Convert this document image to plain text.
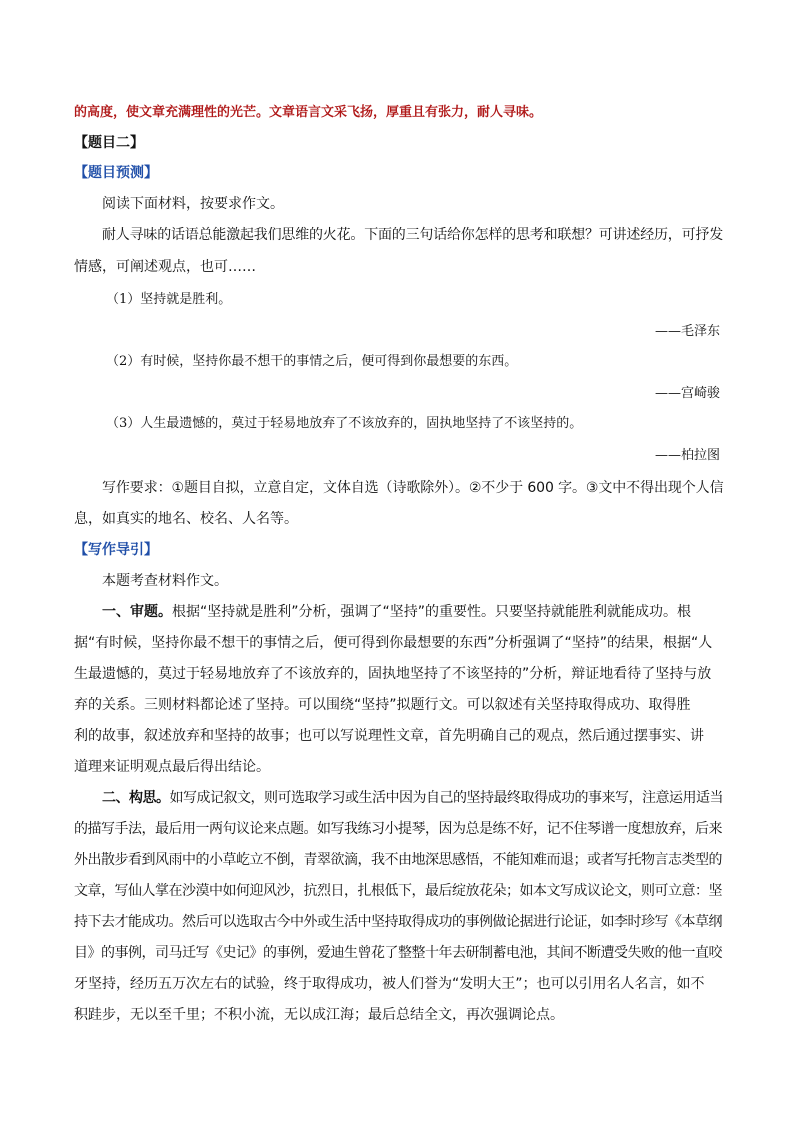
的高度，使文章充满理性的光芒。文章语言文采飞扬，厚重且有张力，耐人寻味。
【题目二】
【题目预测】
阅读下面材料，按要求作文。
耐人寻味的话语总能激起我们思维的火花。下面的三句话给你怎样的思考和联想？可讲述经历，可抒发
情感，可阐述观点，也可……
（1）坚持就是胜利。
——毛泽东
（2）有时候，坚持你最不想干的事情之后，便可得到你最想要的东西。
——宫崎骏
（3）人生最遗憾的，莫过于轻易地放弃了不该放弃的，固执地坚持了不该坚持的。
——柏拉图
写作要求：①题目自拟，立意自定，文体自选（诗歌除外）。②不少于 600 字。③文中不得出现个人信
息，如真实的地名、校名、人名等。
【写作导引】
本题考查材料作文。
一、审题。根据“坚持就是胜利”分析，强调了“坚持”的重要性。只要坚持就能胜利就能成功。根
据“有时候，坚持你最不想干的事情之后，便可得到你最想要的东西”分析强调了“坚持”的结果，根据“人
生最遗憾的，莫过于轻易地放弃了不该放弃的，固执地坚持了不该坚持的”分析，辩证地看待了坚持与放
弃的关系。三则材料都论述了坚持。可以围绕“坚持”拟题行文。可以叙述有关坚持取得成功、取得胜
利的故事，叙述放弃和坚持的故事；也可以写说理性文章，首先明确自己的观点，然后通过摆事实、讲
道理来证明观点最后得出结论。
二、构思。如写成记叙文，则可选取学习或生活中因为自己的坚持最终取得成功的事来写，注意运用适当
的描写手法，最后用一两句议论来点题。如写我练习小提琴，因为总是练不好，记不住琴谱一度想放弃，后来
外出散步看到风雨中的小草屹立不倒，青翠欲滴，我不由地深思感悟，不能知难而退；或者写托物言志类型的
文章，写仙人掌在沙漠中如何迎风沙，抗烈日，扎根低下，最后绽放花朵；如本文写成议论文，则可立意：坚
持下去才能成功。然后可以选取古今中外或生活中坚持取得成功的事例做论据进行论证，如李时珍写《本草纲
目》的事例，司马迁写《史记》的事例，爱迪生曾花了整整十年去研制蓄电池，其间不断遭受失败的他一直咬
牙坚持，经历五万次左右的试验，终于取得成功，被人们誉为“发明大王”；也可以引用名人名言，如不
积跬步，无以至千里；不积小流，无以成江海；最后总结全文，再次强调论点。
